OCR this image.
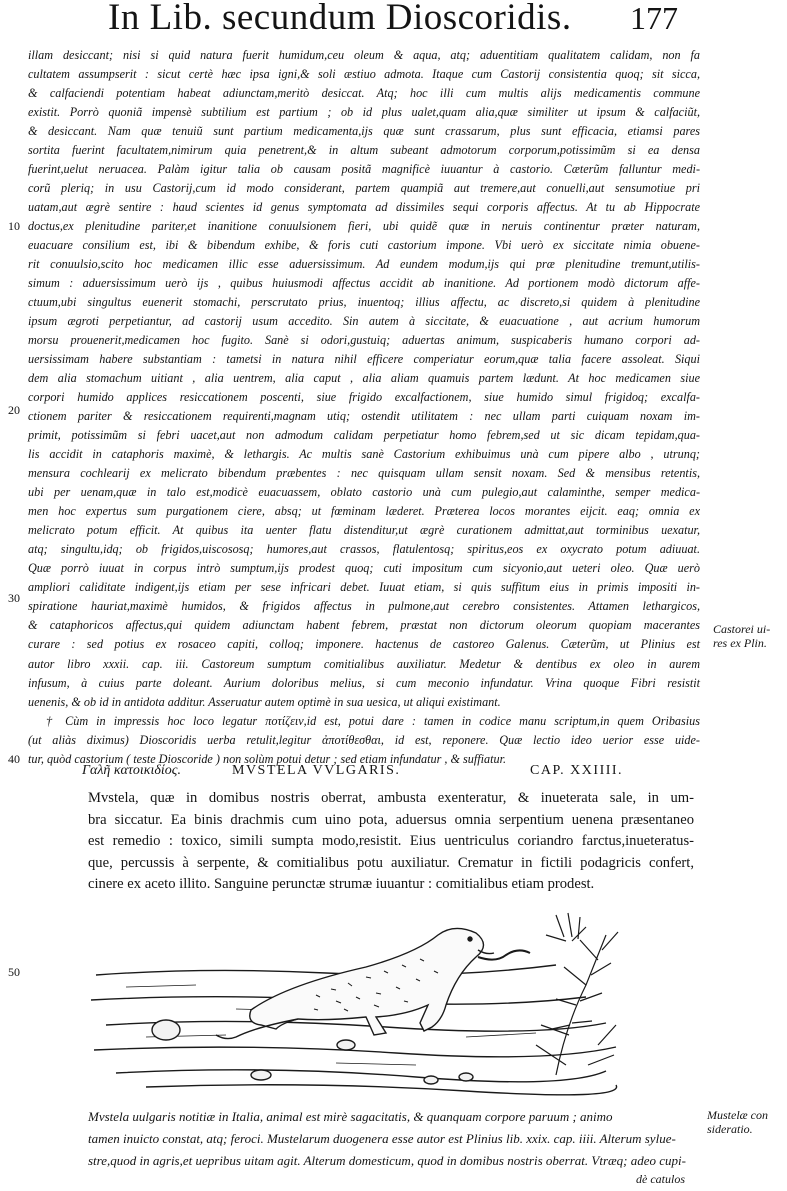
In Lib. secundum Dioscoridis. 177
10
20
30
40
50
illam desiccant; nisi si quid natura fuerit humidum,ceu oleum & aqua, atq; aduentitiam qualitatem calidam, non fa
cultatem assumpserit : sicut certè hæc ipsa igni,& soli æstiuo admota. Itaque cum Castorij consistentia quoq; sit sicca,
& calfaciendi potentiam habeat adiunctam,meritò desiccat. Atq; hoc illi cum multis alijs medicamentis commune
existit. Porrò quoniã impensè subtilium est partium ; ob id plus ualet,quam alia,quæ similiter ut ipsum & calfaciũt,
& desiccant. Nam quæ tenuiũ sunt partium medicamenta,ijs quæ sunt crassarum, plus sunt efficacia, etiamsi pares
sortita fuerint facultatem,nimirum quia penetrent,& in altum subeant admotorum corporum,potissimũm si ea densa
fuerint,uelut neruacea. Palàm igitur talia ob causam positã magnificè iuuantur à castorio. Cæterũm falluntur medi-
corũ pleriq; in usu Castorij,cum id modo considerant, partem quampiã aut tremere,aut conuelli,aut sensumotiue pri
uatam,aut ægrè sentire : haud scientes id genus symptomata ad dissimiles sequi corporis affectus. At tu ab Hippocrate
doctus,ex plenitudine pariter,et inanitione conuulsionem fieri, ubi quidẽ quæ in neruis continentur præter naturam,
euacuare consilium est, ibi & bibendum exhibe, & foris cuti castorium impone. Vbi uerò ex siccitate nimia obuene-
rit conuulsio,scito hoc medicamen illic esse aduersissimum. Ad eundem modum,ijs qui præ plenitudine tremunt,utilis-
simum : aduersissimum uerò ijs , quibus huiusmodi affectus accidit ab inanitione. Ad portionem modò dictorum affe-
ctuum,ubi singultus euenerit stomachi, perscrutato prius, inuentoq; illius affectu, ac discreto,si quidem à plenitudine
ipsum ægroti perpetiantur, ad castorij usum accedito. Sin autem à siccitate, & euacuatione , aut acrium humorum
morsu prouenerit,medicamen hoc fugito. Sanè si odori,gustuiq; aduertas animum, suspicaberis humano corpori ad-
uersissimam habere substantiam : tametsi in natura nihil efficere comperiatur eorum,quæ talia facere assoleat. Siqui
dem alia stomachum uitiant , alia uentrem, alia caput , alia aliam quamuis partem lædunt. At hoc medicamen siue
corpori humido applices resiccationem poscenti, siue frigido excalfactionem, siue humido simul frigidoq; excalfa-
ctionem pariter & resiccationem requirenti,magnam utiq; ostendit utilitatem : nec ullam parti cuiquam noxam im-
primit, potissimũm si febri uacet,aut non admodum calidam perpetiatur homo febrem,sed ut sic dicam tepidam,qua-
lis accidit in cataphoris maximè, & lethargis. Ac multis sanè Castorium exhibuimus unà cum pipere albo , utrunq;
mensura cochlearij ex melicrato bibendum præbentes : nec quisquam ullam sensit noxam. Sed & mensibus retentis,
ubi per uenam,quæ in talo est,modicè euacuassem, oblato castorio unà cum pulegio,aut calaminthe, semper medica-
men hoc expertus sum purgationem ciere, absq; ut fœminam læderet. Præterea locos morantes eijcit. eaq; omnia ex
melicrato potum efficit. At quibus ita uenter flatu distenditur,ut ægrè curationem admittat,aut torminibus uexatur,
atq; singultu,idq; ob frigidos,uiscososq; humores,aut crassos, flatulentosq; spiritus,eos ex oxycrato potum adiuuat.
Quæ porrò iuuat in corpus intrò sumptum,ijs prodest quoq; cuti impositum cum sicyonio,aut ueteri oleo. Quæ uerò
ampliori caliditate indigent,ijs etiam per sese infricari debet. Iuuat etiam, si quis suffitum eius in primis impositi in-
spiratione hauriat,maximè humidos, & frigidos affectus in pulmone,aut cerebro consistentes. Attamen lethargicos,
& cataphoricos affectus,qui quidem adiunctam habent febrem, præstat non dictorum oleorum quopiam macerantes
curare : sed potius ex rosaceo capiti, colloq; imponere. hactenus de castoreo Galenus. Cæterũm, ut Plinius est
autor libro xxxii. cap. iii. Castoreum sumptum comitialibus auxiliatur. Medetur & dentibus ex oleo in aurem
infusum, à cuius parte doleant. Aurium doloribus melius, si cum meconio infundatur. Vrina quoque Fibri resistit
uenenis, & ob id in antidota additur. Asseruatur autem optimè in sua uesica, ut aliqui existimant.
† Cùm in impressis hoc loco legatur ποτίζειν,id est, potui dare : tamen in codice manu scriptum,in quem Oribasius
(ut aliàs diximus) Dioscoridis uerba retulit,legitur ἀποτίθεσθαι, id est, reponere. Quæ lectio ideo uerior esse uide-
tur, quòd castorium ( teste Dioscoride ) non solùm potui detur ; sed etiam infundatur , & suffiatur.
Castorei ui-
res ex Plin.
Γαλῆ κατοικιδίος.	MVSTELA VVLGARIS.	CAP. XXIIII.
Mvstela, quæ in domibus nostris oberrat, ambusta exenteratur, & inueterata sale, in um-
bra siccatur. Ea binis drachmis cum uino pota, aduersus omnia serpentium uenena præsentaneo
est remedio : toxico, simili sumpta modo,resistit. Eius uentriculus coriandro farctus,inueteratus-
que, percussis à serpente, & comitialibus potu auxiliatur. Crematur in fictili podagricis confert,
cinere ex aceto illito. Sanguine perunctæ strumæ iuuantur : comitialibus etiam prodest.
Mvstela uulgaris notitiæ in Italia, animal est mirè sagacitatis, & quanquam corpore paruum ; animo
tamen inuicto constat, atq; feroci. Mustelarum duogenera esse autor est Plinius lib. xxix. cap. iiii. Alterum sylue-
stre,quod in agris,et uepribus uitam agit. Alterum domesticum, quod in domibus nostris oberrat. Vtræq; adeo cupi-
Mustelæ con
sideratio.
dè catulos
